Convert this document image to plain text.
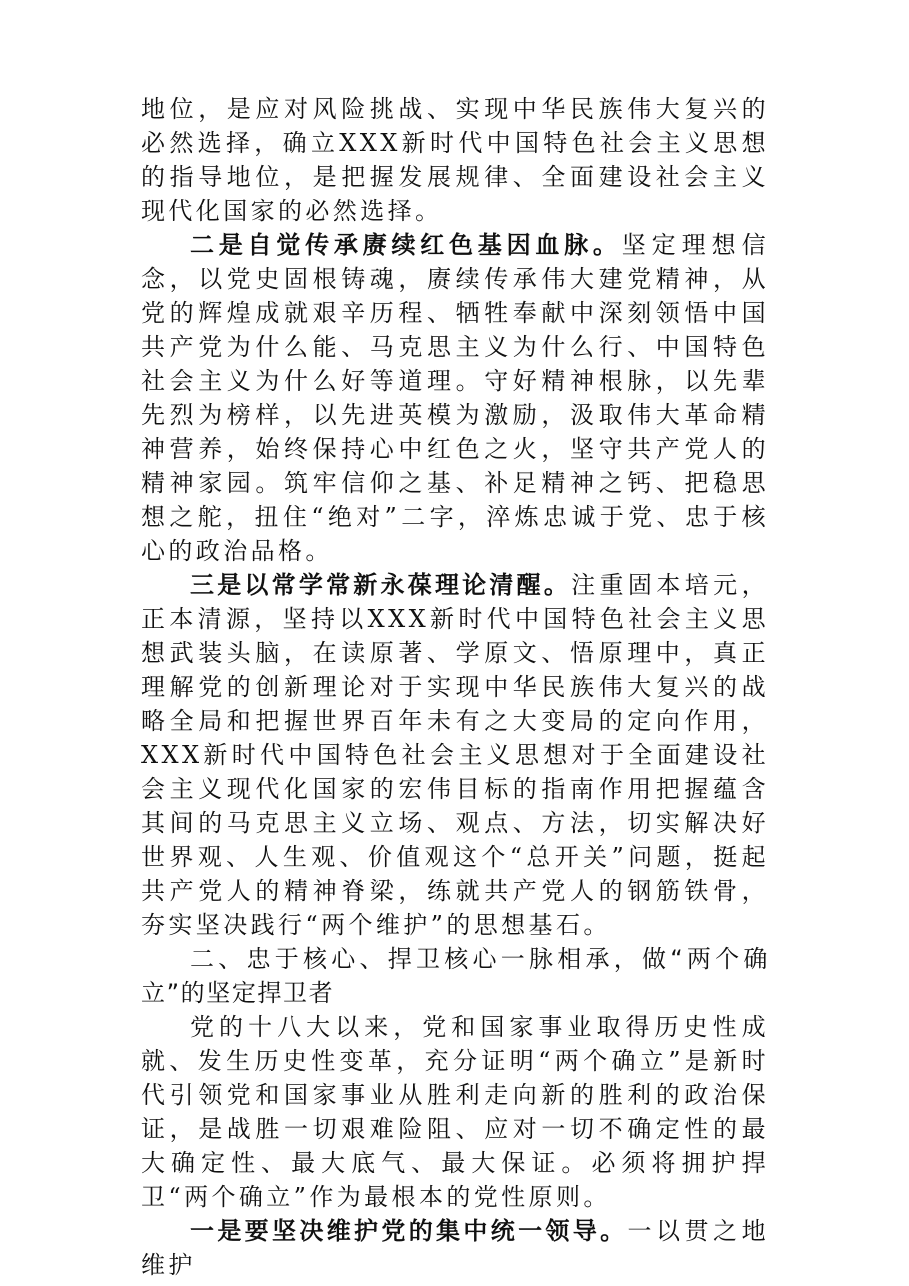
地位，是应对风险挑战、实现中华民族伟大复兴的必然选择，确立XXX新时代中国特色社会主义思想的指导地位，是把握发展规律、全面建设社会主义现代化国家的必然选择。

二是自觉传承赓续红色基因血脉。坚定理想信念，以党史固根铸魂，赓续传承伟大建党精神，从党的辉煌成就艰辛历程、牺牲奉献中深刻领悟中国共产党为什么能、马克思主义为什么行、中国特色社会主义为什么好等道理。守好精神根脉，以先辈先烈为榜样，以先进英模为激励，汲取伟大革命精神营养，始终保持心中红色之火，坚守共产党人的精神家园。筑牢信仰之基、补足精神之钙、把稳思想之舵，扭住“绝对”二字，淬炼忠诚于党、忠于核心的政治品格。

三是以常学常新永葆理论清醒。注重固本培元，正本清源，坚持以XXX新时代中国特色社会主义思想武装头脑，在读原著、学原文、悟原理中，真正理解党的创新理论对于实现中华民族伟大复兴的战略全局和把握世界百年未有之大变局的定向作用，XXX新时代中国特色社会主义思想对于全面建设社会主义现代化国家的宏伟目标的指南作用把握蕴含其间的马克思主义立场、观点、方法，切实解决好世界观、人生观、价值观这个“总开关”问题，挺起共产党人的精神脊梁，练就共产党人的钢筋铁骨，夯实坚决践行“两个维护”的思想基石。

二、忠于核心、捍卫核心一脉相承，做“两个确立”的坚定捍卫者

党的十八大以来，党和国家事业取得历史性成就、发生历史性变革，充分证明“两个确立”是新时代引领党和国家事业从胜利走向新的胜利的政治保证，是战胜一切艰难险阻、应对一切不确定性的最大确定性、最大底气、最大保证。必须将拥护捍卫“两个确立”作为最根本的党性原则。

一是要坚决维护党的集中统一领导。一以贯之地维护
